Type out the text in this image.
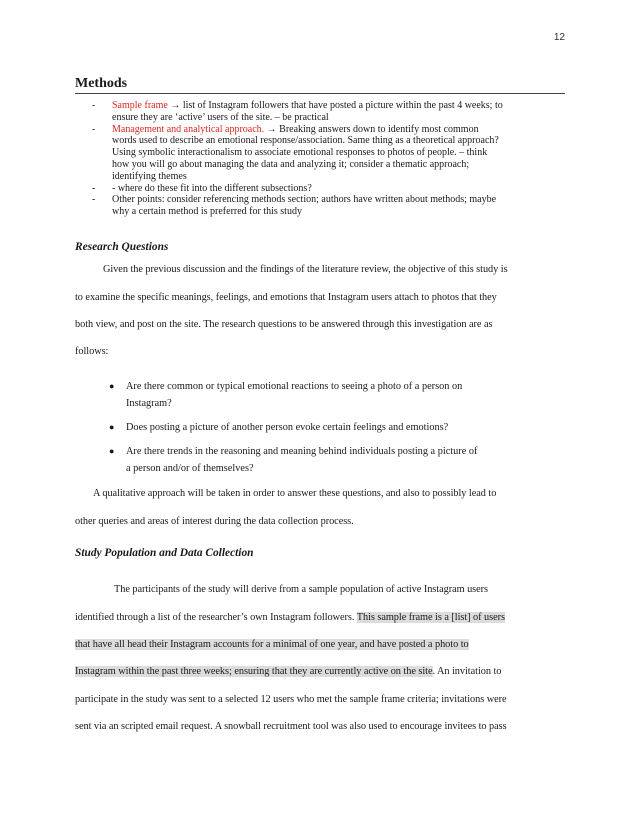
12
Methods

- Sample frame → list of Instagram followers that have posted a picture within the past 4 weeks; to
ensure they are ‘active’ users of the site. – be practical

- Management and analytical approach. → Breaking answers down to identify most common
words used to describe an emotional response/association. Same thing as a theoretical approach?
Using symbolic interactionalism to associate emotional responses to photos of people. – think
how you will go about managing the data and analyzing it; consider a thematic approach;
identifying themes

- - where do these fit into the different subsections?

- Other points: consider referencing methods section; authors have written about methods; maybe
why a certain method is preferred for this study

Research Questions
Given the previous discussion and the findings of the literature review, the objective of this study is
to examine the specific meanings, feelings, and emotions that Instagram users attach to photos that they
both view, and post on the site. The research questions to be answered through this investigation are as
follows:
● Are there common or typical emotional reactions to seeing a photo of a person on
Instagram?
● Does posting a picture of another person evoke certain feelings and emotions?
● Are there trends in the reasoning and meaning behind individuals posting a picture of
a person and/or of themselves?
A qualitative approach will be taken in order to answer these questions, and also to possibly lead to
other queries and areas of interest during the data collection process.
Study Population and Data Collection
The participants of the study will derive from a sample population of active Instagram users
identified through a list of the researcher’s own Instagram followers. This sample frame is a [list] of users
that have all head their Instagram accounts for a minimal of one year, and have posted a photo to
Instagram within the past three weeks; ensuring that they are currently active on the site. An invitation to
participate in the study was sent to a selected 12 users who met the sample frame criteria; invitations were
sent via an scripted email request. A snowball recruitment tool was also used to encourage invitees to pass
